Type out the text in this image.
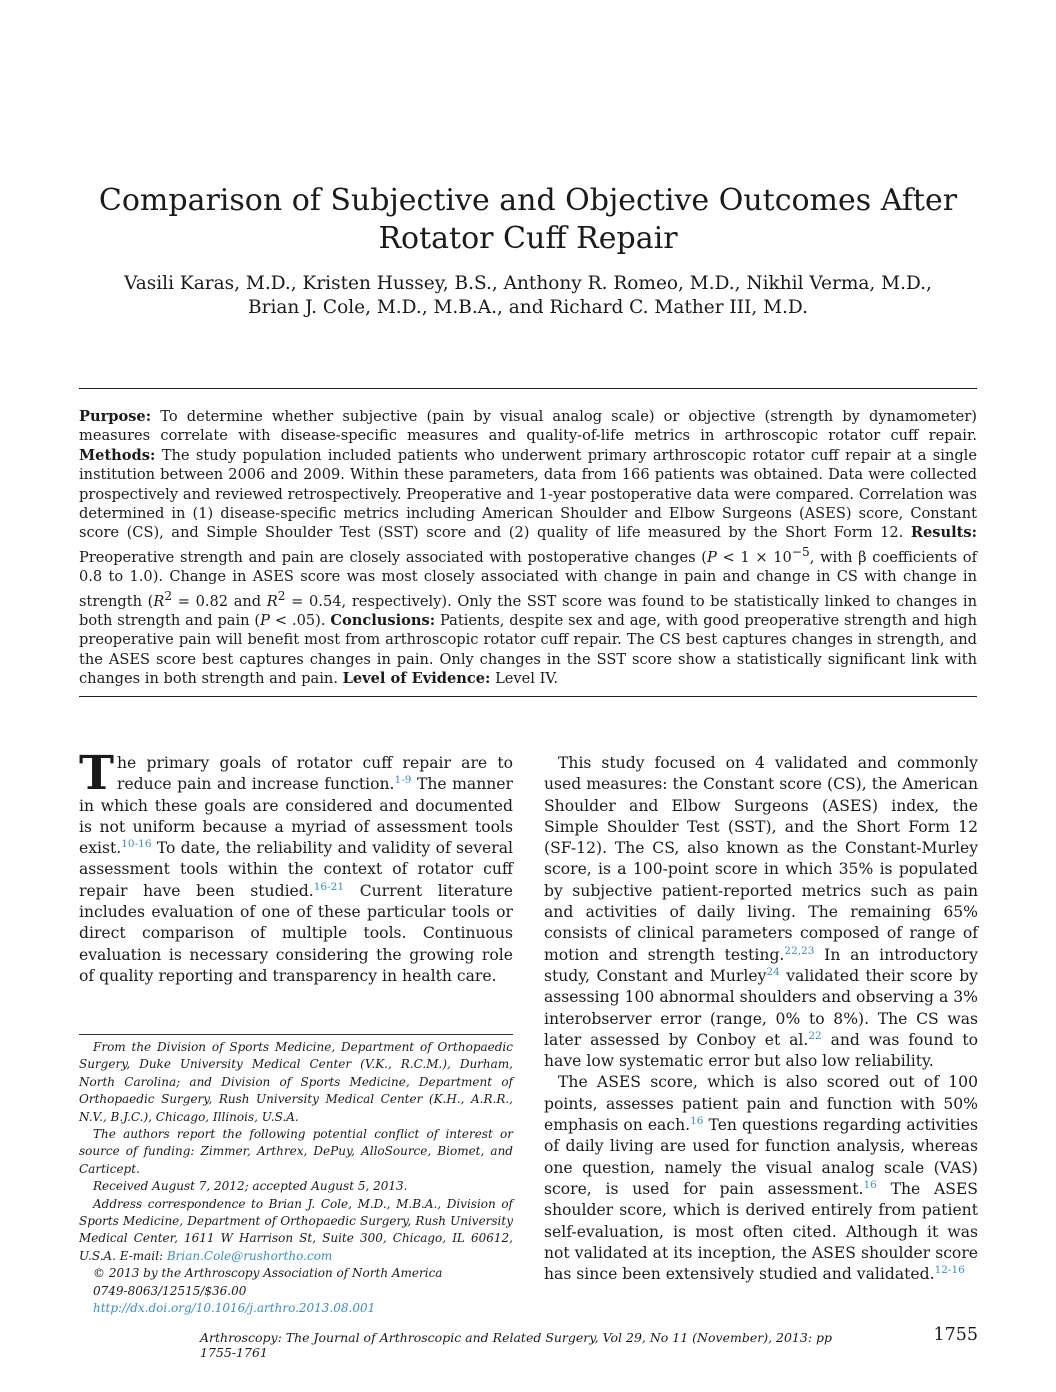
Comparison of Subjective and Objective Outcomes After Rotator Cuff Repair
Vasili Karas, M.D., Kristen Hussey, B.S., Anthony R. Romeo, M.D., Nikhil Verma, M.D.,
Brian J. Cole, M.D., M.B.A., and Richard C. Mather III, M.D.

Purpose: To determine whether subjective (pain by visual analog scale) or objective (strength by dynamometer) measures correlate with disease-specific measures and quality-of-life metrics in arthroscopic rotator cuff repair. Methods: The study population included patients who underwent primary arthroscopic rotator cuff repair at a single institution between 2006 and 2009. Within these parameters, data from 166 patients was obtained. Data were collected prospectively and reviewed retrospectively. Preoperative and 1-year postoperative data were compared. Correlation was determined in (1) disease-specific metrics including American Shoulder and Elbow Surgeons (ASES) score, Constant score (CS), and Simple Shoulder Test (SST) score and (2) quality of life measured by the Short Form 12. Results: Preoperative strength and pain are closely associated with postoperative changes ($P < 1 \times 10^{-5}$, with β coefficients of 0.8 to 1.0). Change in ASES score was most closely associated with change in pain and change in CS with change in strength ($R^2 = 0.82$ and $R^2 = 0.54$, respectively). Only the SST score was found to be statistically linked to changes in both strength and pain (P < .05). Conclusions: Patients, despite sex and age, with good preoperative strength and high preoperative pain will benefit most from arthroscopic rotator cuff repair. The CS best captures changes in strength, and the ASES score best captures changes in pain. Only changes in the SST score show a statistically significant link with changes in both strength and pain. Level of Evidence: Level IV.

The primary goals of rotator cuff repair are to reduce pain and increase function.$^{1-9}$ The manner in which these goals are considered and documented is not uniform because a myriad of assessment tools exist.$^{10-16}$ To date, the reliability and validity of several assessment tools within the context of rotator cuff repair have been studied.$^{16-21}$ Current literature includes evaluation of one of these particular tools or direct comparison of multiple tools. Continuous evaluation is necessary considering the growing role of quality reporting and transparency in health care.

From the Division of Sports Medicine, Department of Orthopaedic Surgery, Duke University Medical Center (V.K., R.C.M.), Durham, North Carolina; and Division of Sports Medicine, Department of Orthopaedic Surgery, Rush University Medical Center (K.H., A.R.R., N.V., B.J.C.), Chicago, Illinois, U.S.A.

The authors report the following potential conflict of interest or source of funding: Zimmer, Arthrex, DePuy, AlloSource, Biomet, and Carticept.

Received August 7, 2012; accepted August 5, 2013.

Address correspondence to Brian J. Cole, M.D., M.B.A., Division of Sports Medicine, Department of Orthopaedic Surgery, Rush University Medical Center, 1611 W Harrison St, Suite 300, Chicago, IL 60612, U.S.A. E-mail: Brian.Cole@rushortho.com

© 2013 by the Arthroscopy Association of North America

0749-8063/12515/$36.00

http://dx.doi.org/10.1016/j.arthro.2013.08.001

This study focused on 4 validated and commonly used measures: the Constant score (CS), the American Shoulder and Elbow Surgeons (ASES) index, the Simple Shoulder Test (SST), and the Short Form 12 (SF-12). The CS, also known as the Constant-Murley score, is a 100-point score in which 35% is populated by subjective patient-reported metrics such as pain and activities of daily living. The remaining 65% consists of clinical parameters composed of range of motion and strength testing.$^{22,23}$ In an introductory study, Constant and Murley$^{24}$ validated their score by assessing 100 abnormal shoulders and observing a 3% interobserver error (range, 0% to 8%). The CS was later assessed by Conboy et al.$^{22}$ and was found to have low systematic error but also low reliability.

The ASES score, which is also scored out of 100 points, assesses patient pain and function with 50% emphasis on each.$^{16}$ Ten questions regarding activities of daily living are used for function analysis, whereas one question, namely the visual analog scale (VAS) score, is used for pain assessment.$^{16}$ The ASES shoulder score, which is derived entirely from patient self-evaluation, is most often cited. Although it was not validated at its inception, the ASES shoulder score has since been extensively studied and validated.$^{12-16}$

Arthroscopy: The Journal of Arthroscopic and Related Surgery, Vol 29, No 11 (November), 2013: pp 1755-1761
1755
